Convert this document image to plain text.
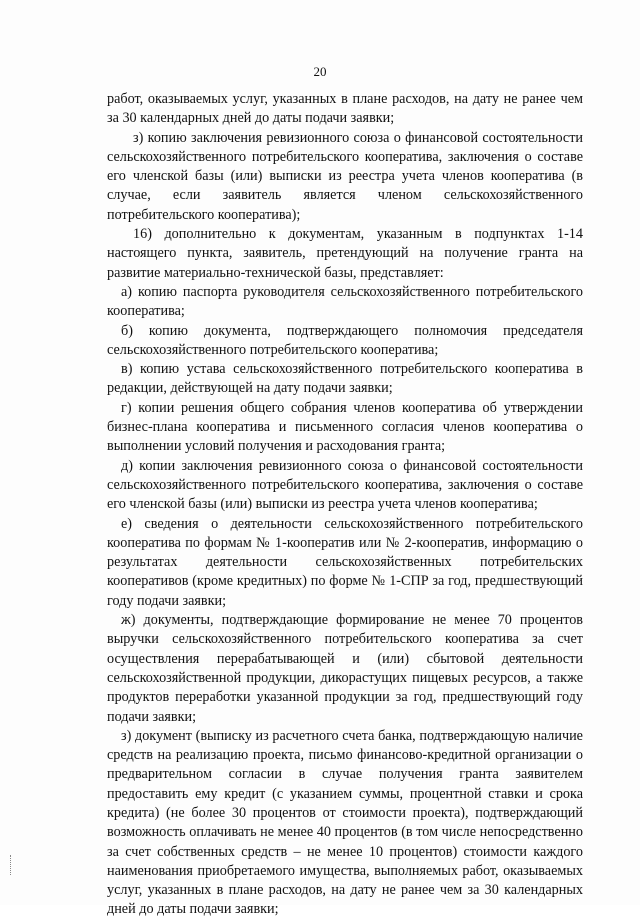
20

работ, оказываемых услуг, указанных в плане расходов, на дату не ранее чем за 30 календарных дней до даты подачи заявки;

з) копию заключения ревизионного союза о финансовой состоятельности сельскохозяйственного потребительского кооператива, заключения о составе его членской базы (или) выписки из реестра учета членов кооператива (в случае, если заявитель является членом сельскохозяйственного потребительского кооператива);

16) дополнительно к документам, указанным в подпунктах 1-14 настоящего пункта, заявитель, претендующий на получение гранта на развитие материально-технической базы, представляет:

а) копию паспорта руководителя сельскохозяйственного потребительского кооператива;

б) копию документа, подтверждающего полномочия председателя сельскохозяйственного потребительского кооператива;

в) копию устава сельскохозяйственного потребительского кооператива в редакции, действующей на дату подачи заявки;

г) копии решения общего собрания членов кооператива об утверждении бизнес-плана кооператива и письменного согласия членов кооператива о выполнении условий получения и расходования гранта;

д) копии заключения ревизионного союза о финансовой состоятельности сельскохозяйственного потребительского кооператива, заключения о составе его членской базы (или) выписки из реестра учета членов кооператива;

е) сведения о деятельности сельскохозяйственного потребительского кооператива по формам № 1-кооператив или № 2-кооператив, информацию о результатах деятельности сельскохозяйственных потребительских кооперативов (кроме кредитных) по форме № 1-СПР за год, предшествующий году подачи заявки;

ж) документы, подтверждающие формирование не менее 70 процентов выручки сельскохозяйственного потребительского кооператива за счет осуществления перерабатывающей и (или) сбытовой деятельности сельскохозяйственной продукции, дикорастущих пищевых ресурсов, а также продуктов переработки указанной продукции за год, предшествующий году подачи заявки;

з) документ (выписку из расчетного счета банка, подтверждающую наличие средств на реализацию проекта, письмо финансово-кредитной организации о предварительном согласии в случае получения гранта заявителем предоставить ему кредит (с указанием суммы, процентной ставки и срока кредита) (не более 30 процентов от стоимости проекта), подтверждающий возможность оплачивать не менее 40 процентов (в том числе непосредственно за счет собственных средств – не менее 10 процентов) стоимости каждого наименования приобретаемого имущества, выполняемых работ, оказываемых услуг, указанных в плане расходов, на дату не ранее чем за 30 календарных дней до даты подачи заявки;
